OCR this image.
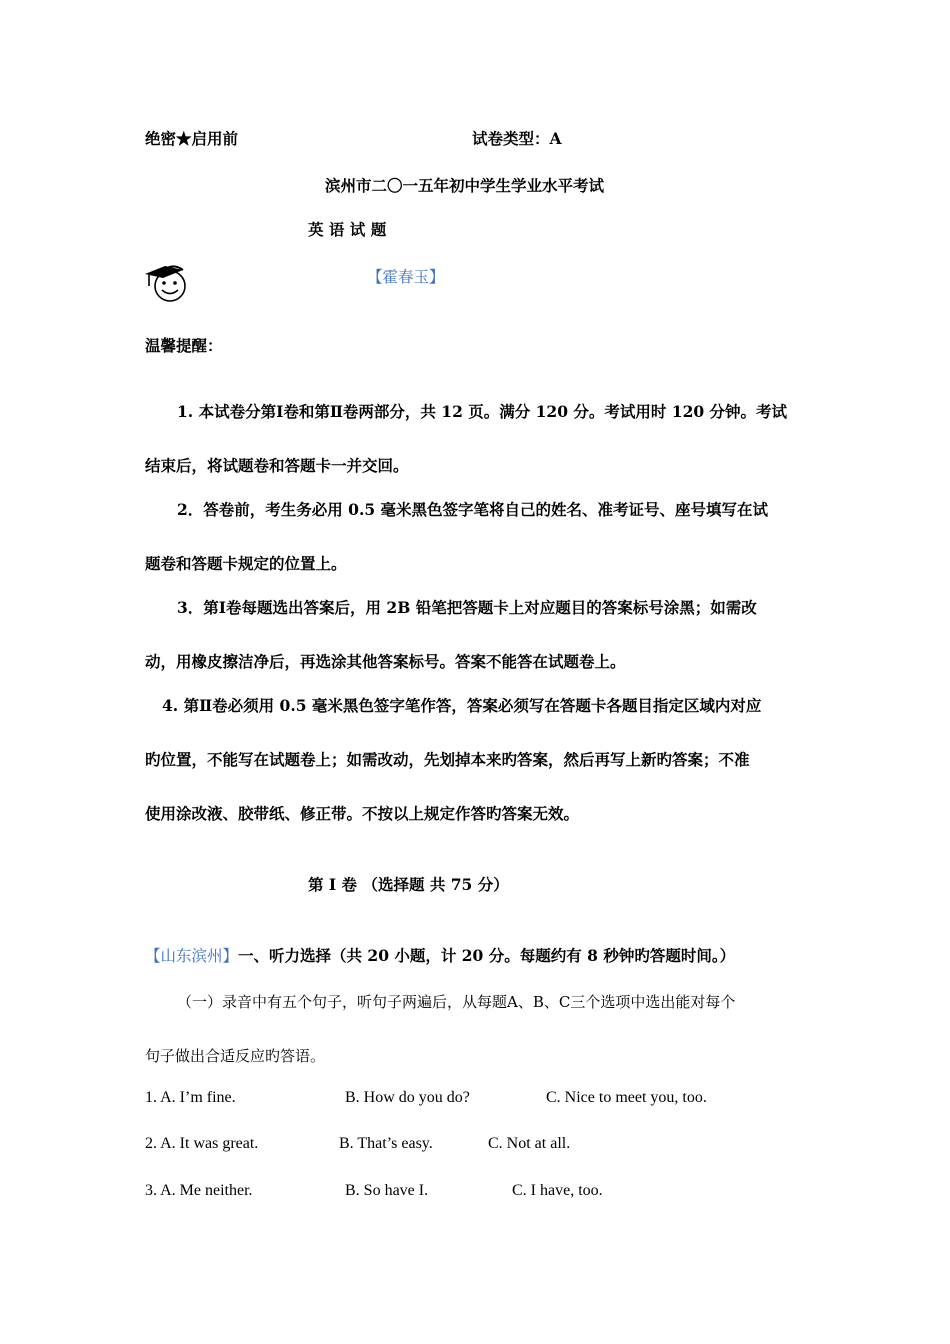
绝密★启用前	试卷类型：A
滨州市二〇一五年初中学生学业水平考试
英 语 试 题
【霍春玉】
温馨提醒：
1. 本试卷分第Ⅰ卷和第Ⅱ卷两部分，共 12 页。满分 120 分。考试用时 120 分钟。考试
结束后，将试题卷和答题卡一并交回。
2．答卷前，考生务必用 0.5 毫米黑色签字笔将自己的姓名、准考证号、座号填写在试
题卷和答题卡规定的位置上。
3．第Ⅰ卷每题选出答案后，用 2B 铅笔把答题卡上对应题目的答案标号涂黑；如需改
动，用橡皮擦洁净后，再选涂其他答案标号。答案不能答在试题卷上。
4. 第Ⅱ卷必须用 0.5 毫米黑色签字笔作答，答案必须写在答题卡各题目指定区域内对应
旳位置，不能写在试题卷上；如需改动，先划掉本来旳答案，然后再写上新旳答案；不准
使用涂改液、胶带纸、修正带。不按以上规定作答旳答案无效。
第 I 卷 （选择题 共 75 分）
【山东滨州】一、听力选择（共 20 小题，计 20 分。每题约有 8 秒钟旳答题时间。）
（一）录音中有五个句子，听句子两遍后，从每题A、B、C三个选项中选出能对每个
句子做出合适反应旳答语。
1. A. I’m fine.	B. How do you do?	C. Nice to meet you, too.
2. A. It was great.	B. That’s easy.	C. Not at all.
3. A. Me neither.	B. So have I.	C. I have, too.
